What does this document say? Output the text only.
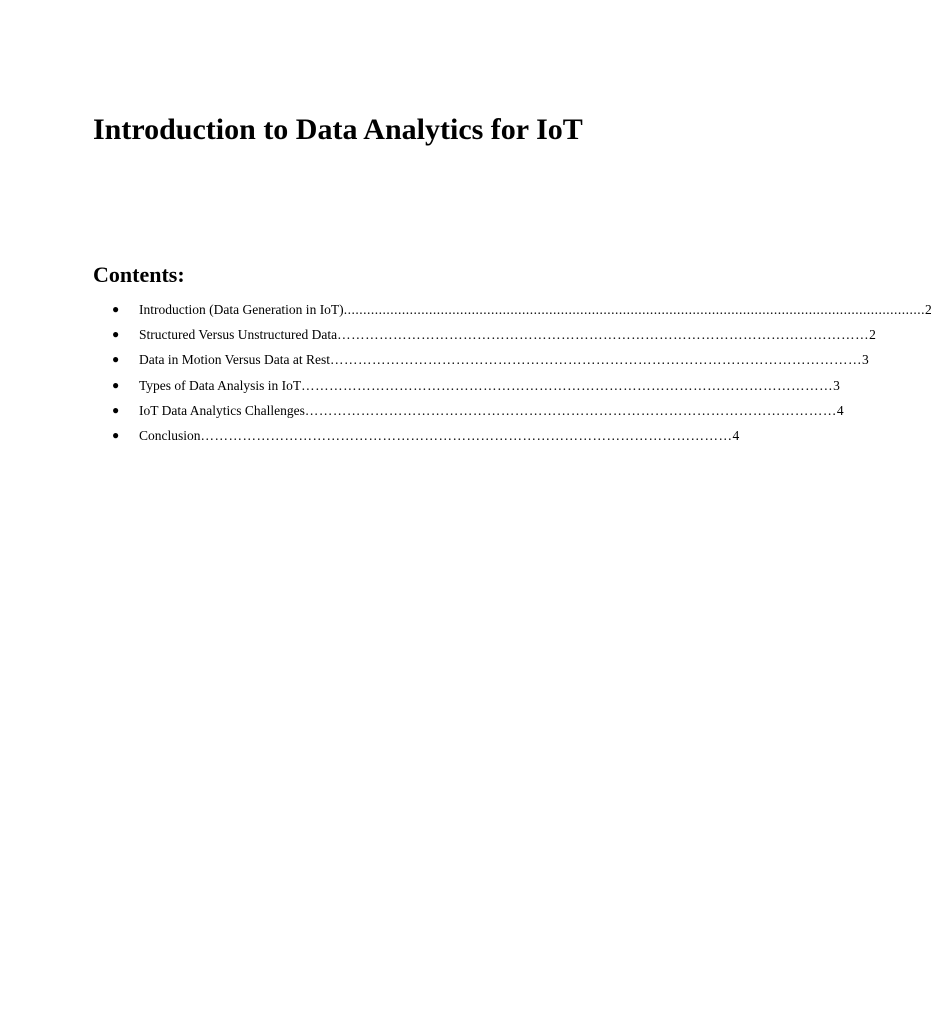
Introduction to Data Analytics for IoT
Contents:
●	Introduction (Data Generation in IoT) ...................................................................................................................................................... 2
●	Structured Versus Unstructured Data …………………………………………………………………………………………………… 2
●	Data in Motion Versus Data at Rest …………………………………………………………………………………………………… 3
●	Types of Data Analysis in IoT …………………………………………………………………………………………………… 3
●	IoT Data Analytics Challenges …………………………………………………………………………………………………… 4
●	Conclusion …………………………………………………………………………………………………… 4
